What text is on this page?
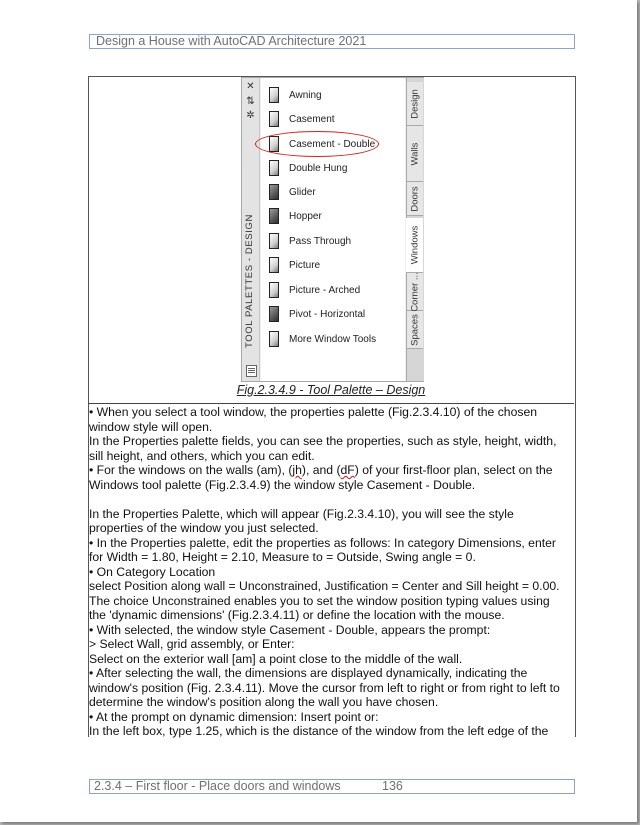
Design a House with AutoCAD Architecture 2021
✕
⇅
✲
TOOL PALETTES - DESIGN
Awning
Casement
Casement - Double
Double Hung
Glider
Hopper
Pass Through
Picture
Picture - Arched
Pivot - Horizontal
More Window Tools
Design
Walls
Doors
Windows
Corner ...
Spaces
Fig.2.3.4.9 - Tool Palette – Design

• When you select a tool window, the properties palette (Fig.2.3.4.10) of the chosen

window style will open.

In the Properties palette fields, you can see the properties, such as style, height, width,

sill height, and others, which you can edit.

• For the windows on the walls (am), (jh), and (dF) of your first-floor plan, select on the

Windows tool palette (Fig.2.3.4.9) the window style Casement - Double.

In the Properties Palette, which will appear (Fig.2.3.4.10), you will see the style

properties of the window you just selected.

• In the Properties palette, edit the properties as follows: In category Dimensions, enter

for Width = 1.80, Height = 2.10, Measure to = Outside, Swing angle = 0.

• On Category Location

select Position along wall = Unconstrained, Justification = Center and Sill height = 0.00.

The choice Unconstrained enables you to set the window position typing values using

the 'dynamic dimensions' (Fig.2.3.4.11) or define the location with the mouse.

• With selected, the window style Casement - Double, appears the prompt:

> Select Wall, grid assembly, or Enter:

Select on the exterior wall [am] a point close to the middle of the wall.

• After selecting the wall, the dimensions are displayed dynamically, indicating the

window's position (Fig. 2.3.4.11). Move the cursor from left to right or from right to left to

determine the window's position along the wall you have chosen.

• At the prompt on dynamic dimension: Insert point or:

In the left box, type 1.25, which is the distance of the window from the left edge of the

2.3.4 – First floor - Place doors and windows	136
